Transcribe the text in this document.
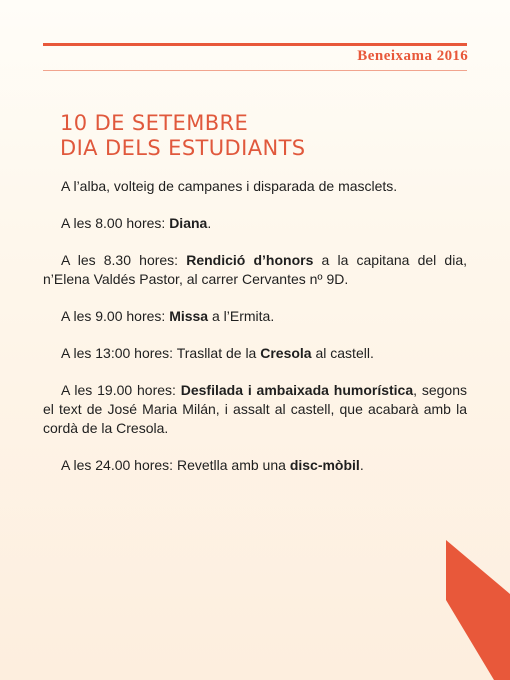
Beneixama 2016
10 DE SETEMBRE
DIA DELS ESTUDIANTS

A l’alba, volteig de campanes i disparada de masclets.

A les 8.00 hores: Diana.

A les 8.30 hores: Rendició d’honors a la capitana del dia, n’Elena Valdés Pastor, al carrer Cervantes nº 9D.

A les 9.00 hores: Missa a l’Ermita.

A les 13:00 hores: Trasllat de la Cresola al castell.

A les 19.00 hores: Desfilada i ambaixada humorística, segons el text de José Maria Milán, i assalt al castell, que acabarà amb la cordà de la Cresola.

A les 24.00 hores: Revetlla amb una disc-mòbil.
